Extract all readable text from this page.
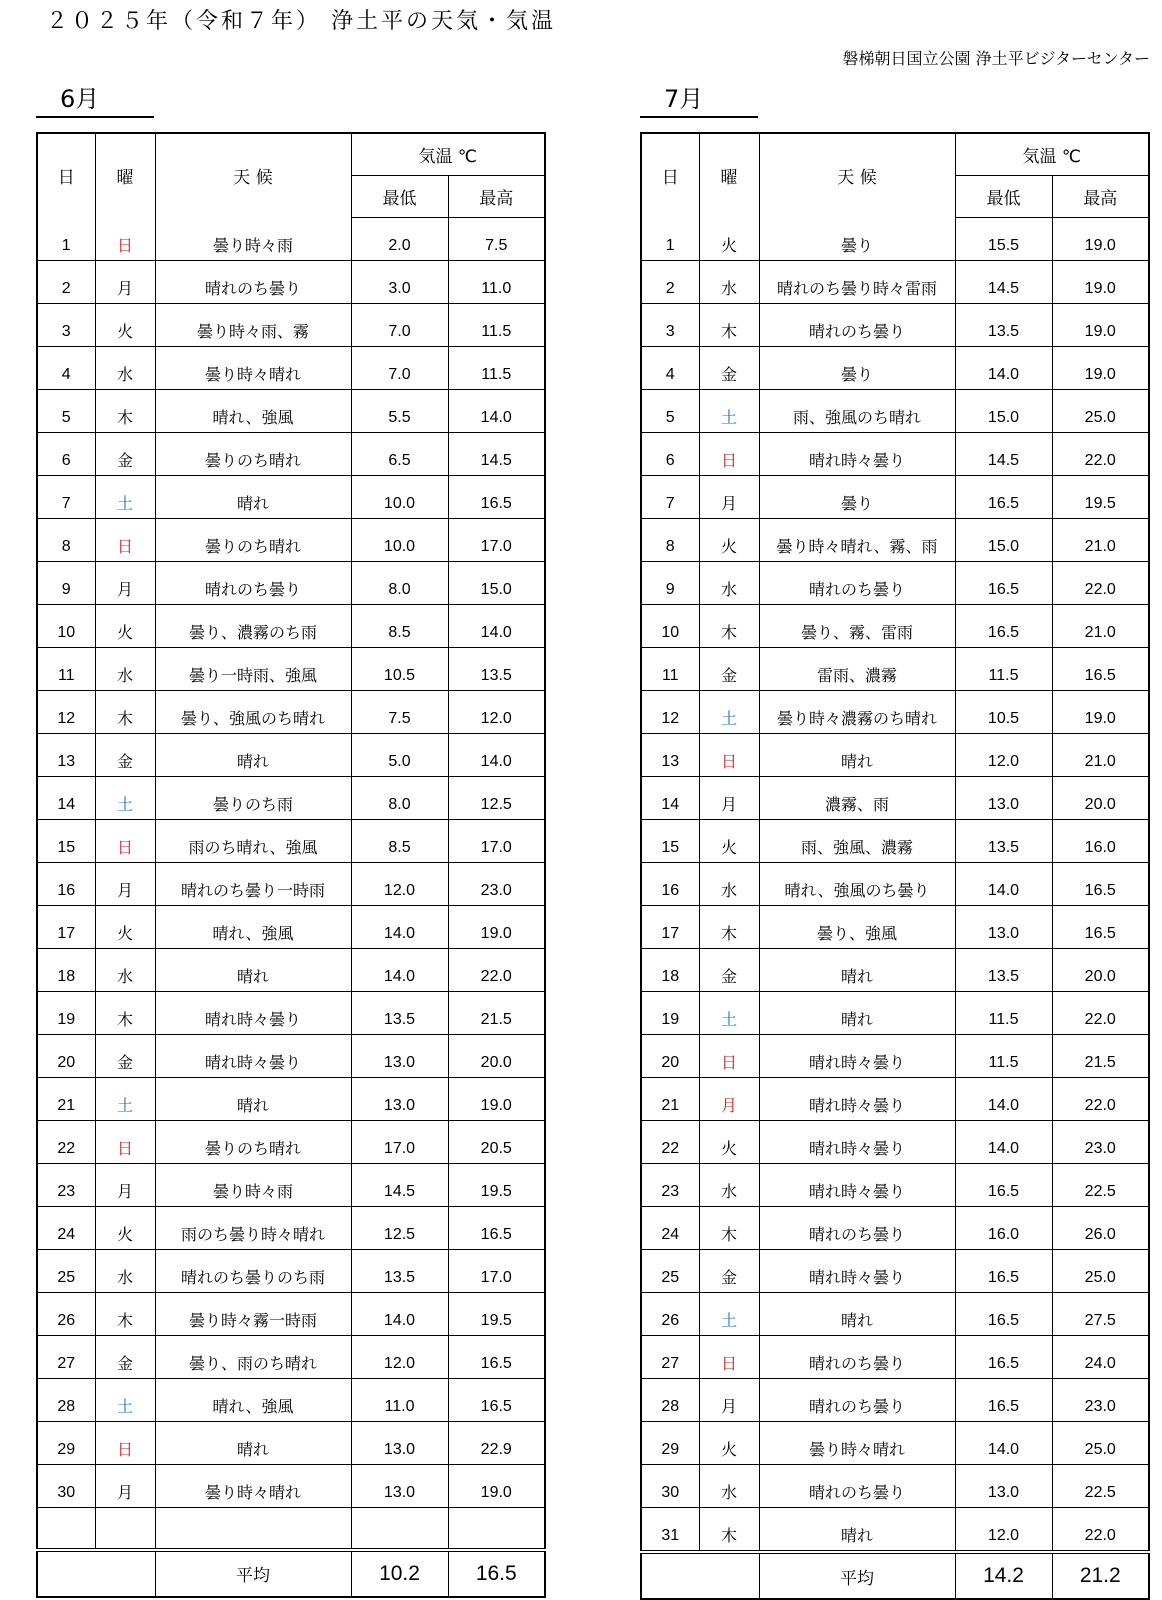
２０２５年（令和７年） 浄土平の天気・気温
磐梯朝日国立公園 浄土平ビジターセンター
6月	7月
日	曜	天 候	気温 ℃	
			最低	最高
1	日	曇り時々雨	2.0	7.5
2	月	晴れのち曇り	3.0	11.0
3	火	曇り時々雨、霧	7.0	11.5
4	水	曇り時々晴れ	7.0	11.5
5	木	晴れ、強風	5.5	14.0
6	金	曇りのち晴れ	6.5	14.5
7	土	晴れ	10.0	16.5
8	日	曇りのち晴れ	10.0	17.0
9	月	晴れのち曇り	8.0	15.0
10	火	曇り、濃霧のち雨	8.5	14.0
11	水	曇り一時雨、強風	10.5	13.5
12	木	曇り、強風のち晴れ	7.5	12.0
13	金	晴れ	5.0	14.0
14	土	曇りのち雨	8.0	12.5
15	日	雨のち晴れ、強風	8.5	17.0
16	月	晴れのち曇り一時雨	12.0	23.0
17	火	晴れ、強風	14.0	19.0
18	水	晴れ	14.0	22.0
19	木	晴れ時々曇り	13.5	21.5
20	金	晴れ時々曇り	13.0	20.0
21	土	晴れ	13.0	19.0
22	日	曇りのち晴れ	17.0	20.5
23	月	曇り時々雨	14.5	19.5
24	火	雨のち曇り時々晴れ	12.5	16.5
25	水	晴れのち曇りのち雨	13.5	17.0
26	木	曇り時々霧一時雨	14.0	19.5
27	金	曇り、雨のち晴れ	12.0	16.5
28	土	晴れ、強風	11.0	16.5
29	日	晴れ	13.0	22.9
30	月	曇り時々晴れ	13.0	19.0

		平均	10.2	16.5
日	曜	天 候	気温 ℃	
			最低	最高
1	火	曇り	15.5	19.0
2	水	晴れのち曇り時々雷雨	14.5	19.0
3	木	晴れのち曇り	13.5	19.0
4	金	曇り	14.0	19.0
5	土	雨、強風のち晴れ	15.0	25.0
6	日	晴れ時々曇り	14.5	22.0
7	月	曇り	16.5	19.5
8	火	曇り時々晴れ、霧、雨	15.0	21.0
9	水	晴れのち曇り	16.5	22.0
10	木	曇り、霧、雷雨	16.5	21.0
11	金	雷雨、濃霧	11.5	16.5
12	土	曇り時々濃霧のち晴れ	10.5	19.0
13	日	晴れ	12.0	21.0
14	月	濃霧、雨	13.0	20.0
15	火	雨、強風、濃霧	13.5	16.0
16	水	晴れ、強風のち曇り	14.0	16.5
17	木	曇り、強風	13.0	16.5
18	金	晴れ	13.5	20.0
19	土	晴れ	11.5	22.0
20	日	晴れ時々曇り	11.5	21.5
21	月	晴れ時々曇り	14.0	22.0
22	火	晴れ時々曇り	14.0	23.0
23	水	晴れ時々曇り	16.5	22.5
24	木	晴れのち曇り	16.0	26.0
25	金	晴れ時々曇り	16.5	25.0
26	土	晴れ	16.5	27.5
27	日	晴れのち曇り	16.5	24.0
28	月	晴れのち曇り	16.5	23.0
29	火	曇り時々晴れ	14.0	25.0
30	水	晴れのち曇り	13.0	22.5
31	木	晴れ	12.0	22.0
		平均	14.2	21.2
